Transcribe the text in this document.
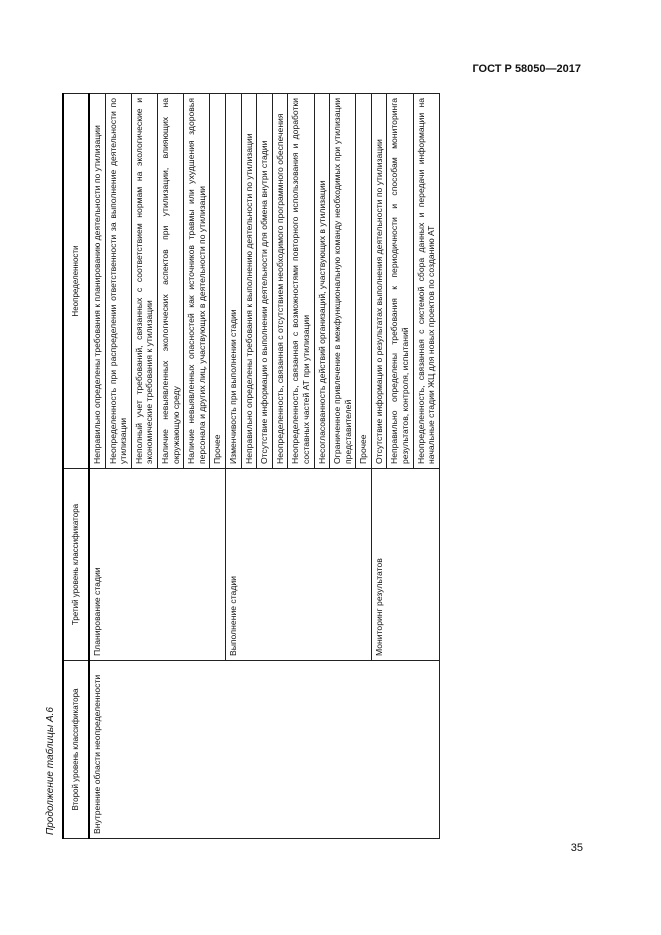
ГОСТ Р 58050—2017
Продолжение таблицы А.6 Второй уровень классификатора	Третий уровень классификатора	Неопределенности
Внутренние области неопределенности	Планирование стадии	Неправильно определены требования к планированию деятельности по утилизации
		Неопределенность при распределении ответственности за выполнение деятельности по утилизации
		Неполный учет требований, связанных с соответствием нормам на экологические и экономические требования к утилизации
		Наличие невыявленных экологических аспектов при утилизации, влияющих на окружающую среду
		Наличие невыявленных опасностей как источников травмы или ухудшения здоровья персонала и других лиц, участвующих в деятельности по утилизации
		Прочее
	Выполнение стадии	Изменчивость при выполнении стадии
		Неправильно определены требования к выполнению деятельности по утилизации
		Отсутствие информации о выполнении деятельности для обмена внутри стадии
		Неопределенность, связанная с отсутствием необходимого программного обеспечения
		Неопределенность, связанная с возможностями повторного использования и доработки составных частей АТ при утилизации
		Несогласованность действий организаций, участвующих в утилизации
		Ограниченное привлечение в межфункциональную команду необходимых при утилизации представителей
		Прочее
	Мониторинг результатов	Отсутствие информации о результатах выполнения деятельности по утилизации
		Неправильно определены требования к периодичности и способам мониторинга результатов, контроля, испытаний
		Неопределенность, связанная с системой сбора данных и передачи информации на начальные стадии ЖЦ для новых проектов по созданию АТ
35
